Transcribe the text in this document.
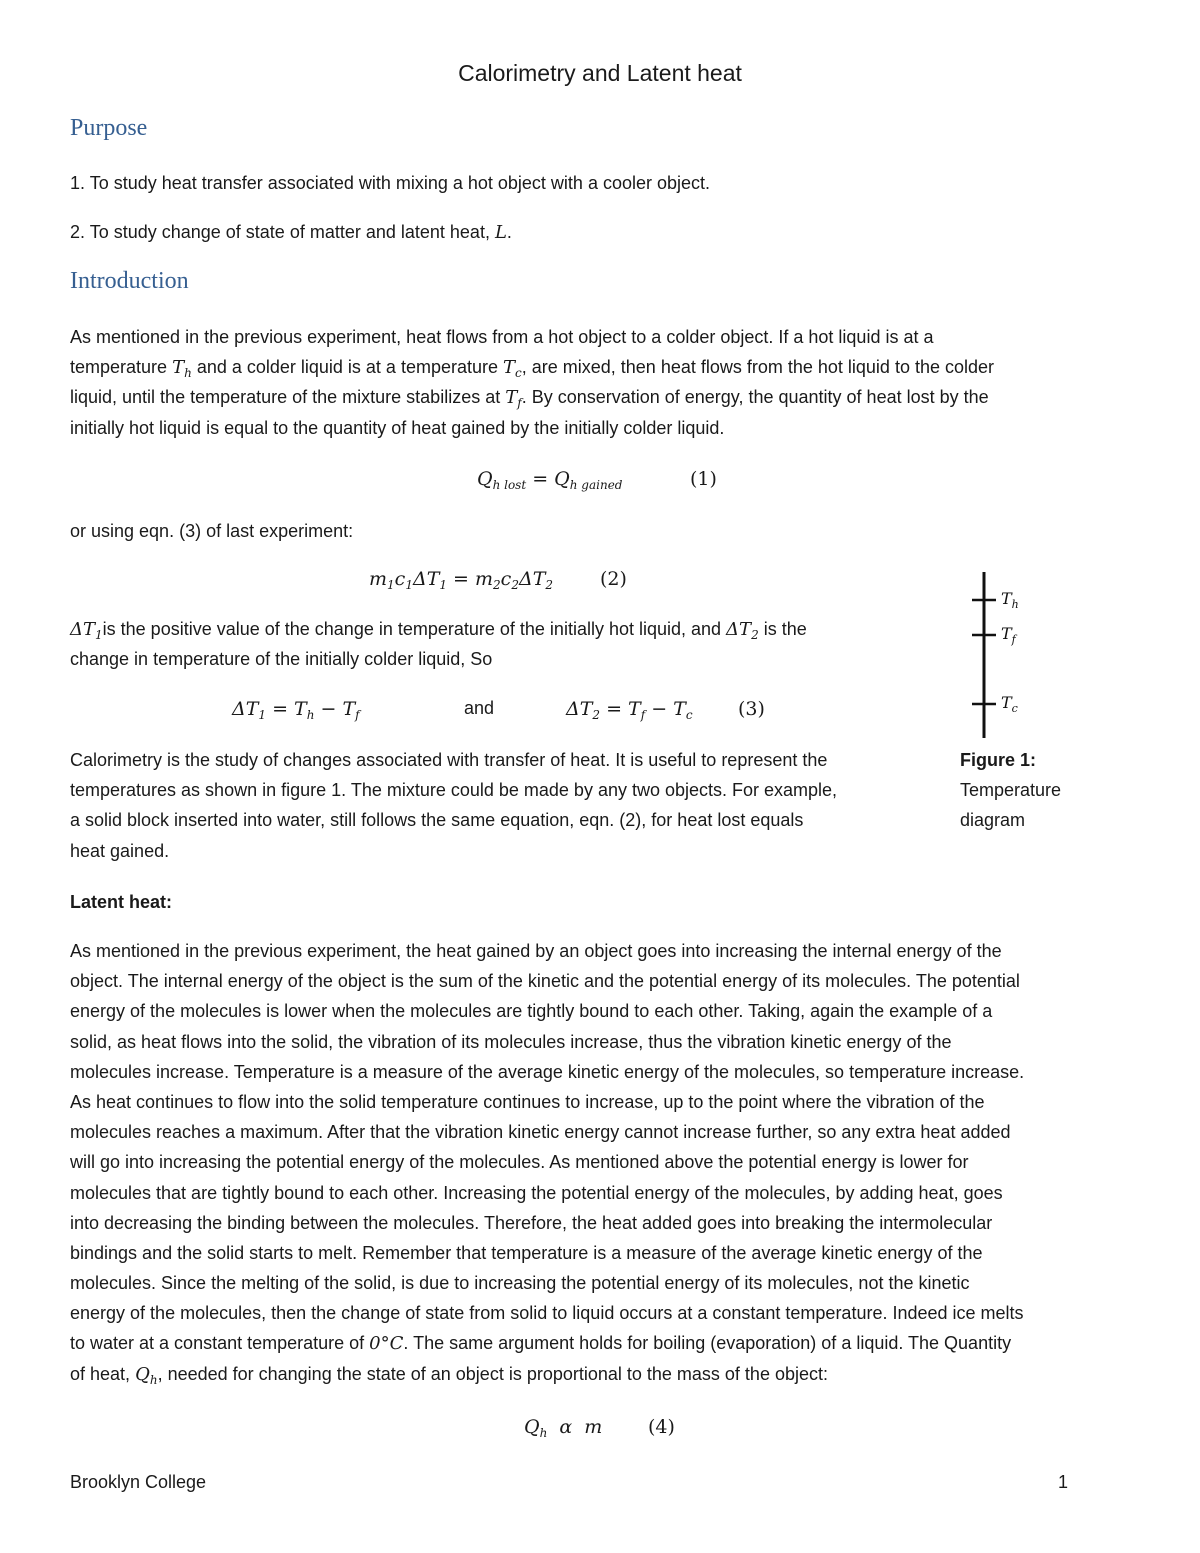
Calorimetry and Latent heat
Purpose
1. To study heat transfer associated with mixing a hot object with a cooler object.
2. To study change of state of matter and latent heat, L.
Introduction
As mentioned in the previous experiment, heat flows from a hot object to a colder object. If a hot liquid is at a
temperature $T_h$ and a colder liquid is at a temperature $T_c$, are mixed, then heat flows from the hot liquid to the colder
liquid, until the temperature of the mixture stabilizes at $T_f$. By conservation of energy, the quantity of heat lost by the
initially hot liquid is equal to the quantity of heat gained by the initially colder liquid.
$Q_{h lost} = Q_{h gained}$	(1)
or using eqn. (3) of last experiment:
$m_1c_1\Delta T_1 = m_2c_2\Delta T_2$ (2)
$\Delta T_1is$ the positive value of the change in temperature of the initially hot liquid, and $\Delta T_2$ is the
change in temperature of the initially colder liquid, So
$\Delta T_1 = T_h - T_f$	and	$\Delta T_2 = T_f - T_c$ (3)
Calorimetry is the study of changes associated with transfer of heat. It is useful to represent the
temperatures as shown in figure 1. The mixture could be made by any two objects. For example,
a solid block inserted into water, still follows the same equation, eqn. (2), for heat lost equals
heat gained.
$T_h$
$T_f$
$T_c$
Figure 1:
Temperature
diagram
Latent heat:
As mentioned in the previous experiment, the heat gained by an object goes into increasing the internal energy of the
object. The internal energy of the object is the sum of the kinetic and the potential energy of its molecules. The potential
energy of the molecules is lower when the molecules are tightly bound to each other. Taking, again the example of a
solid, as heat flows into the solid, the vibration of its molecules increase, thus the vibration kinetic energy of the
molecules increase. Temperature is a measure of the average kinetic energy of the molecules, so temperature increase.
As heat continues to flow into the solid temperature continues to increase, up to the point where the vibration of the
molecules reaches a maximum. After that the vibration kinetic energy cannot increase further, so any extra heat added
will go into increasing the potential energy of the molecules. As mentioned above the potential energy is lower for
molecules that are tightly bound to each other. Increasing the potential energy of the molecules, by adding heat, goes
into decreasing the binding between the molecules. Therefore, the heat added goes into breaking the intermolecular
bindings and the solid starts to melt. Remember that temperature is a measure of the average kinetic energy of the
molecules. Since the melting of the solid, is due to increasing the potential energy of its molecules, not the kinetic
energy of the molecules, then the change of state from solid to liquid occurs at a constant temperature. Indeed ice melts
to water at a constant temperature of 0°C. The same argument holds for boiling (evaporation) of a liquid. The Quantity
of heat, $Q_h$, needed for changing the state of an object is proportional to the mass of the object:
$Q_h$  α  m (4)
Brooklyn College	1
